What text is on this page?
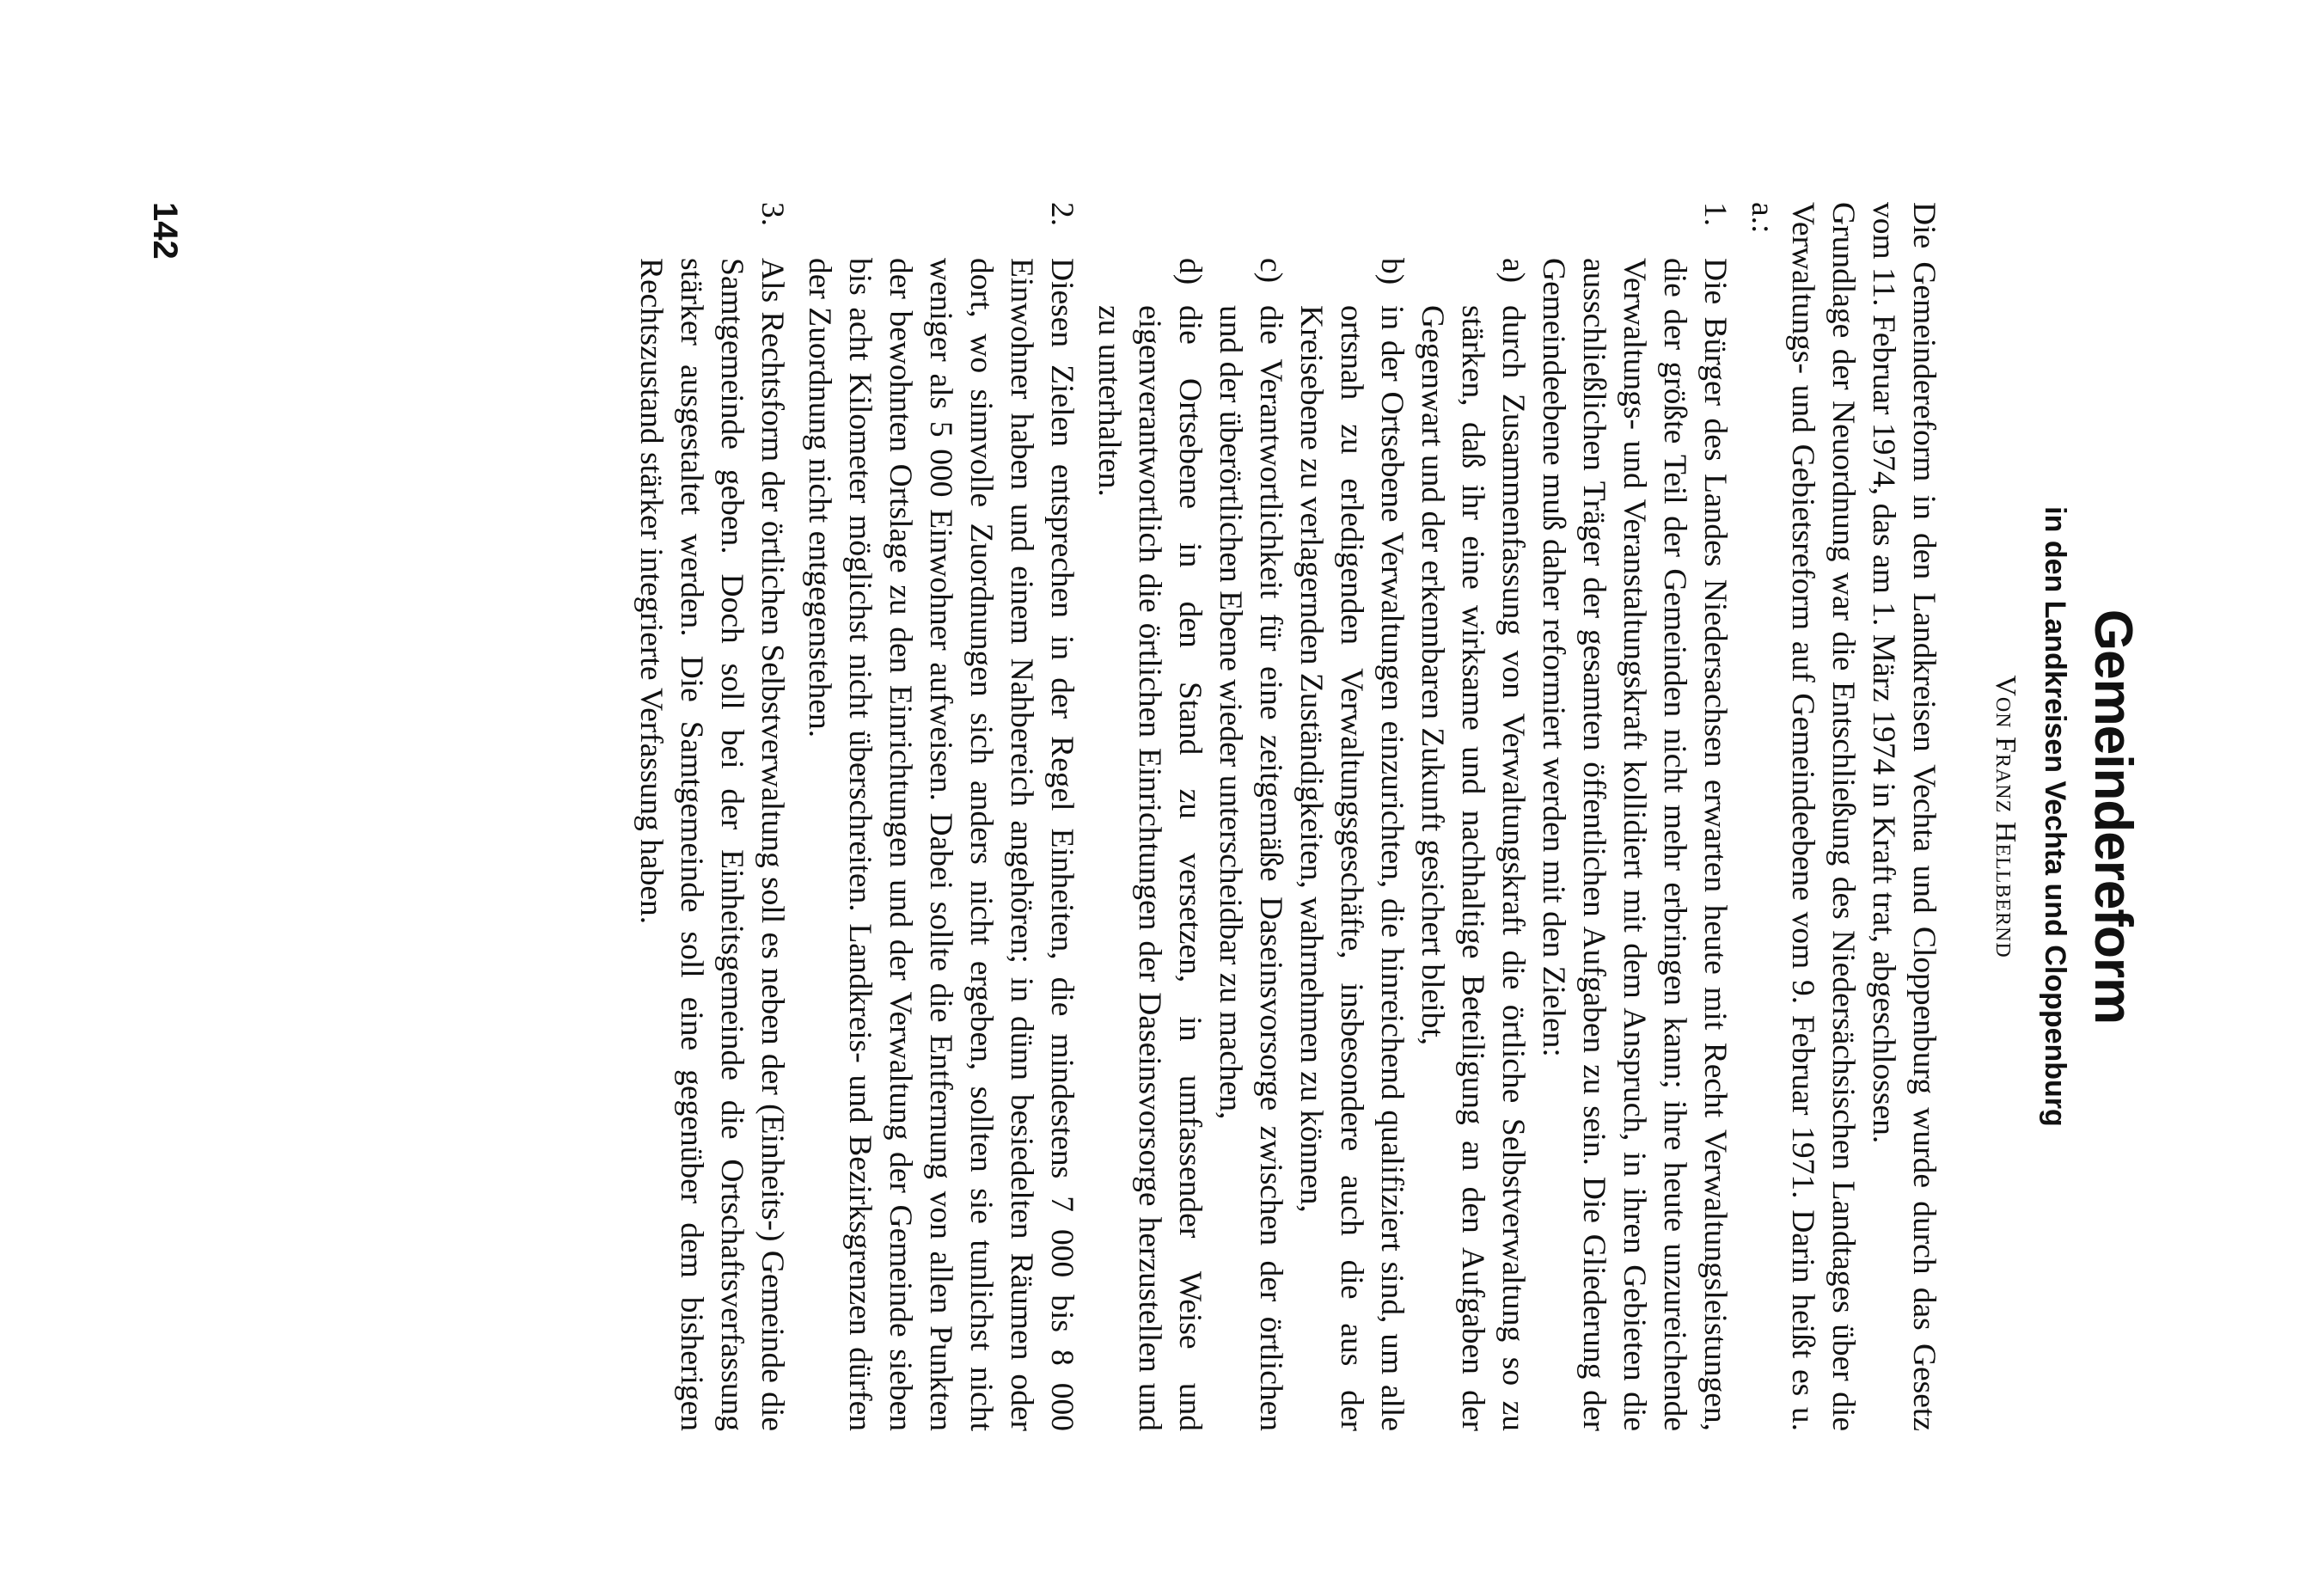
Gemeindereform
in den Landkreisen Vechta und Cloppenburg
Von Franz Hellbernd

Die Gemeindereform in den Landkreisen Vechta und Cloppenburg wurde durch das Gesetz vom 11. Februar 1974, das am 1. März 1974 in Kraft trat, abgeschlossen.

Grundlage der Neuordnung war die Entschließung des Niedersächsischen Landtages über die Verwaltungs- und Gebietsreform auf Gemeindeebene vom 9. Februar 1971. Darin heißt es u. a.:

1.
Die Bürger des Landes Niedersachsen erwarten heute mit Recht Verwaltungsleistungen, die der größte Teil der Gemeinden nicht mehr erbringen kann; ihre heute unzureichende Verwaltungs- und Veranstaltungskraft kollidiert mit dem Anspruch, in ihren Gebieten die ausschließlichen Träger der gesamten öffentlichen Aufgaben zu sein. Die Gliederung der Gemeindeebene muß daher reformiert werden mit den Zielen:
a)
durch Zusammenfassung von Verwaltungskraft die örtliche Selbstverwaltung so zu stärken, daß ihr eine wirksame und nachhaltige Beteiligung an den Aufgaben der Gegenwart und der erkennbaren Zukunft gesichert bleibt,
b)
in der Ortsebene Verwaltungen einzurichten, die hinreichend qualifiziert sind, um alle ortsnah zu erledigenden Verwaltungsgeschäfte, insbesondere auch die aus der Kreisebene zu verlagernden Zuständigkeiten, wahrnehmen zu können,
c)
die Verantwortlichkeit für eine zeitgemäße Daseinsvorsorge zwischen der örtlichen und der überörtlichen Ebene wieder unterscheidbar zu machen,
d)
die Ortsebene in den Stand zu versetzen, in umfassender Weise und eigenverantwortlich die örtlichen Einrichtungen der Daseinsvorsorge herzustellen und zu unterhalten.
2.
Diesen Zielen entsprechen in der Regel Einheiten, die mindestens 7 000 bis 8 000 Einwohner haben und einem Nahbereich angehören; in dünn besiedelten Räumen oder dort, wo sinnvolle Zuordnungen sich anders nicht ergeben, sollten sie tunlichst nicht weniger als 5 000 Einwohner aufweisen. Dabei sollte die Entfernung von allen Punkten der bewohnten Ortslage zu den Einrichtungen und der Verwaltung der Gemeinde sieben bis acht Kilometer möglichst nicht überschreiten. Landkreis- und Bezirksgrenzen dürfen der Zuordnung nicht entgegenstehen.
3.
Als Rechtsform der örtlichen Selbstverwaltung soll es neben der (Einheits-) Gemeinde die Samtgemeinde geben. Doch soll bei der Einheitsgemeinde die Ortschaftsverfassung stärker ausgestaltet werden. Die Samtgemeinde soll eine gegenüber dem bisherigen Rechtszustand stärker integrierte Verfassung haben.
142
